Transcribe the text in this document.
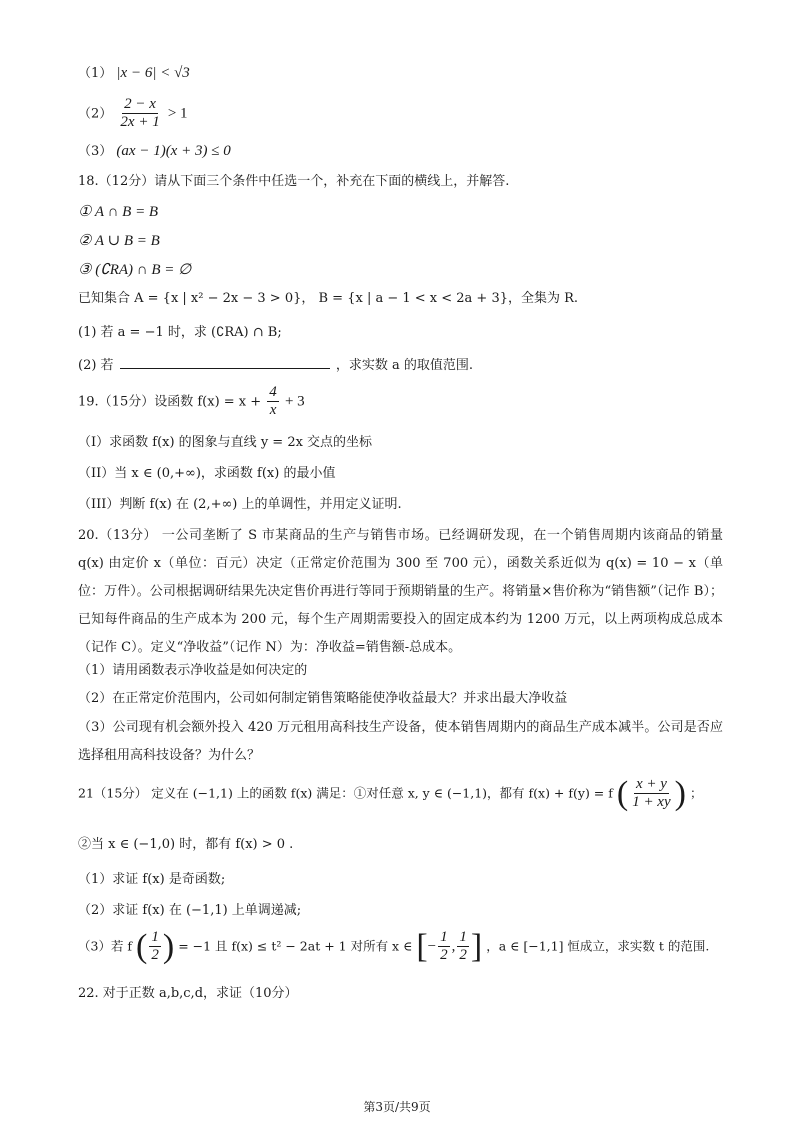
（1） |x − 6| < √3
$(2) \frac{2 - x}{2x + 1} > 1$
（3） (ax − 1)(x + 3) ≤ 0
18.（12分）请从下面三个条件中任选一个，补充在下面的横线上，并解答.
① A ∩ B = B
② A ∪ B = B
③ (∁RA) ∩ B = ∅
已知集合 A = {x | x² − 2x − 3 > 0}， B = {x | a − 1 < x < 2a + 3}，全集为 R.
(1) 若 a = −1 时，求 (∁RA) ∩ B;
(2) 若	，求实数 a 的取值范围.
19.（15分）设函数 $f(x) = x + \frac{4}{x} + 3$
（I）求函数 f(x) 的图象与直线 y = 2x 交点的坐标
（II）当 x ∈ (0,+∞)，求函数 f(x) 的最小值
（III）判断 f(x) 在 (2,+∞) 上的单调性，并用定义证明.
20.（13分） 一公司垄断了 S 市某商品的生产与销售市场。已经调研发现，在一个销售周期内该商品的销量 q(x) 由定价 x（单位：百元）决定（正常定价范围为 300 至 700 元），函数关系近似为 q(x) = 10 − x（单位：万件）。公司根据调研结果先决定售价再进行等同于预期销量的生产。将销量×售价称为“销售额”（记作 B）；已知每件商品的生产成本为 200 元，每个生产周期需要投入的固定成本约为 1200 万元，以上两项构成总成本（记作 C）。定义“净收益”（记作 N）为：净收益=销售额-总成本。
（1）请用函数表示净收益是如何决定的
（2）在正常定价范围内，公司如何制定销售策略能使净收益最大？并求出最大净收益
（3）公司现有机会额外投入 420 万元租用高科技生产设备，使本销售周期内的商品生产成本减半。公司是否应选择租用高科技设备？为什么？
21（15分） 定义在 (−1,1) 上的函数 f(x) 满足：①对任意 x, y ∈ (−1,1)，都有 f(x) + f(y) = f ( $\frac{x + y}{1 + xy}$ ) ；
②当 x ∈ (−1,0) 时，都有 f(x) > 0 .
（1）求证 f(x) 是奇函数;
（2）求证 f(x) 在 (−1,1) 上单调递减;
（3）若 f ( $\frac{1}{2}$ ) = −1 且 f(x) ≤ t² − 2at + 1 对所有 x ∈ [− $\frac{1}{2}$ , $\frac{1}{2}$ ] ，a ∈ [−1,1] 恒成立，求实数 t 的范围.
22. 对于正数 a,b,c,d，求证（10分）
第3页/共9页
